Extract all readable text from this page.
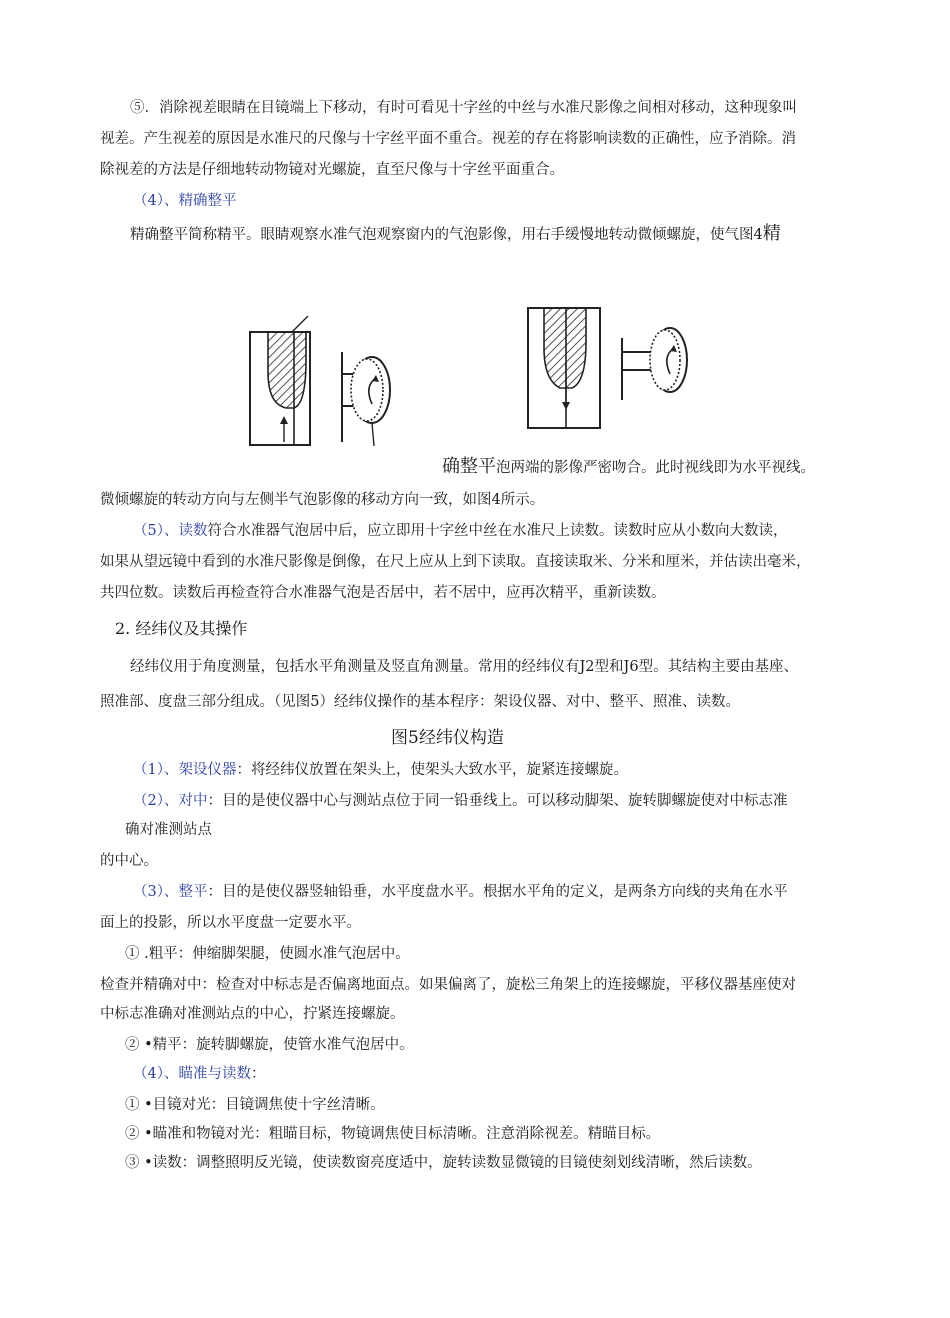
⑤．消除视差眼睛在目镜端上下移动，有时可看见十字丝的中丝与水准尺影像之间相对移动，这种现象叫
视差。产生视差的原因是水准尺的尺像与十字丝平面不重合。视差的存在将影响读数的正确性，应予消除。消
除视差的方法是仔细地转动物镜对光螺旋，直至尺像与十字丝平面重合。
（4）、精确整平
精确整平简称精平。眼睛观察水准气泡观察窗内的气泡影像，用右手缓慢地转动微倾螺旋，使气图4精
确整平泡两端的影像严密吻合。此时视线即为水平视线。
微倾螺旋的转动方向与左侧半气泡影像的移动方向一致，如图4所示。
（5）、读数符合水准器气泡居中后，应立即用十字丝中丝在水准尺上读数。读数时应从小数向大数读，
如果从望远镜中看到的水准尺影像是倒像，在尺上应从上到下读取。直接读取米、分米和厘米，并估读出毫米，
共四位数。读数后再检查符合水准器气泡是否居中，若不居中，应再次精平，重新读数。
2. 经纬仪及其操作
经纬仪用于角度测量，包括水平角测量及竖直角测量。常用的经纬仪有J2型和J6型。其结构主要由基座、
照准部、度盘三部分组成。（见图5）经纬仪操作的基本程序：架设仪器、对中、整平、照准、读数。
图5经纬仪构造
（1）、架设仪器：将经纬仪放置在架头上，使架头大致水平，旋紧连接螺旋。
（2）、对中：目的是使仪器中心与测站点位于同一铅垂线上。可以移动脚架、旋转脚螺旋使对中标志准
确对准测站点
的中心。
（3）、整平：目的是使仪器竖轴铅垂，水平度盘水平。根据水平角的定义，是两条方向线的夹角在水平
面上的投影，所以水平度盘一定要水平。
① .粗平：伸缩脚架腿，使圆水准气泡居中。
检查并精确对中：检查对中标志是否偏离地面点。如果偏离了，旋松三角架上的连接螺旋，平移仪器基座使对
中标志准确对准测站点的中心，拧紧连接螺旋。
② •精平：旋转脚螺旋，使管水准气泡居中。
（4）、瞄准与读数：
① •目镜对光：目镜调焦使十字丝清晰。
② •瞄准和物镜对光：粗瞄目标，物镜调焦使目标清晰。注意消除视差。精瞄目标。
③ •读数：调整照明反光镜，使读数窗亮度适中，旋转读数显微镜的目镜使刻划线清晰，然后读数。
